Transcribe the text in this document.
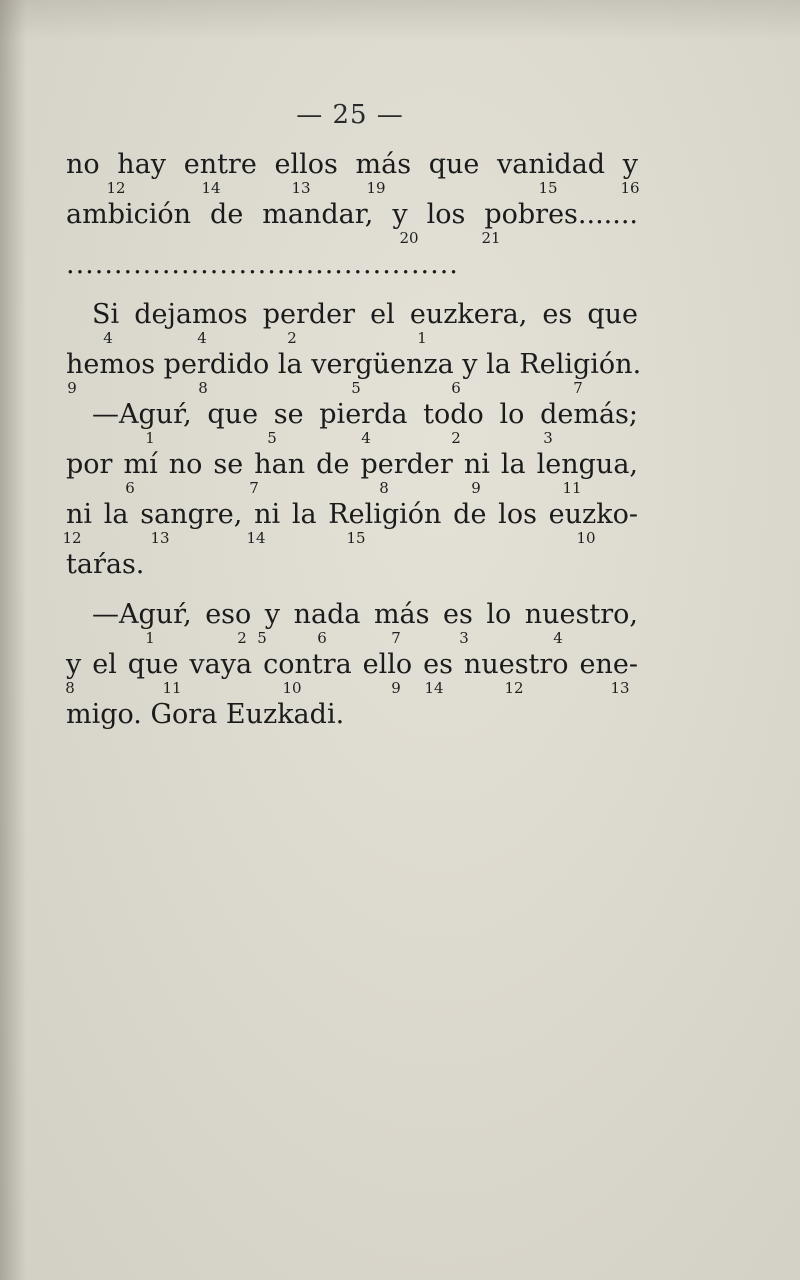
— 25 —
no hay entre ellos más que vanidad y
12	14	13	19	15	16
ambición de mandar, y los pobres.......
20	21
.........................................
Si dejamos perder el euzkera, es que
4	4	2	1
hemos perdido la vergüenza y la Religión.
9	8	5	6	7
—Aguŕ, que se pierda todo lo demás;
1	5	4	2	3
por mí no se han de perder ni la lengua,
6	7	8	9	11
ni la sangre, ni la Religión de los euzko-
12	13	14	15	10
taŕas.
—Aguŕ, eso y nada más es lo nuestro,
1	2 5	6	7	3	4
y el que vaya contra ello es nuestro ene-
8	11	10	9 14	12	13
migo. Gora Euzkadi.
